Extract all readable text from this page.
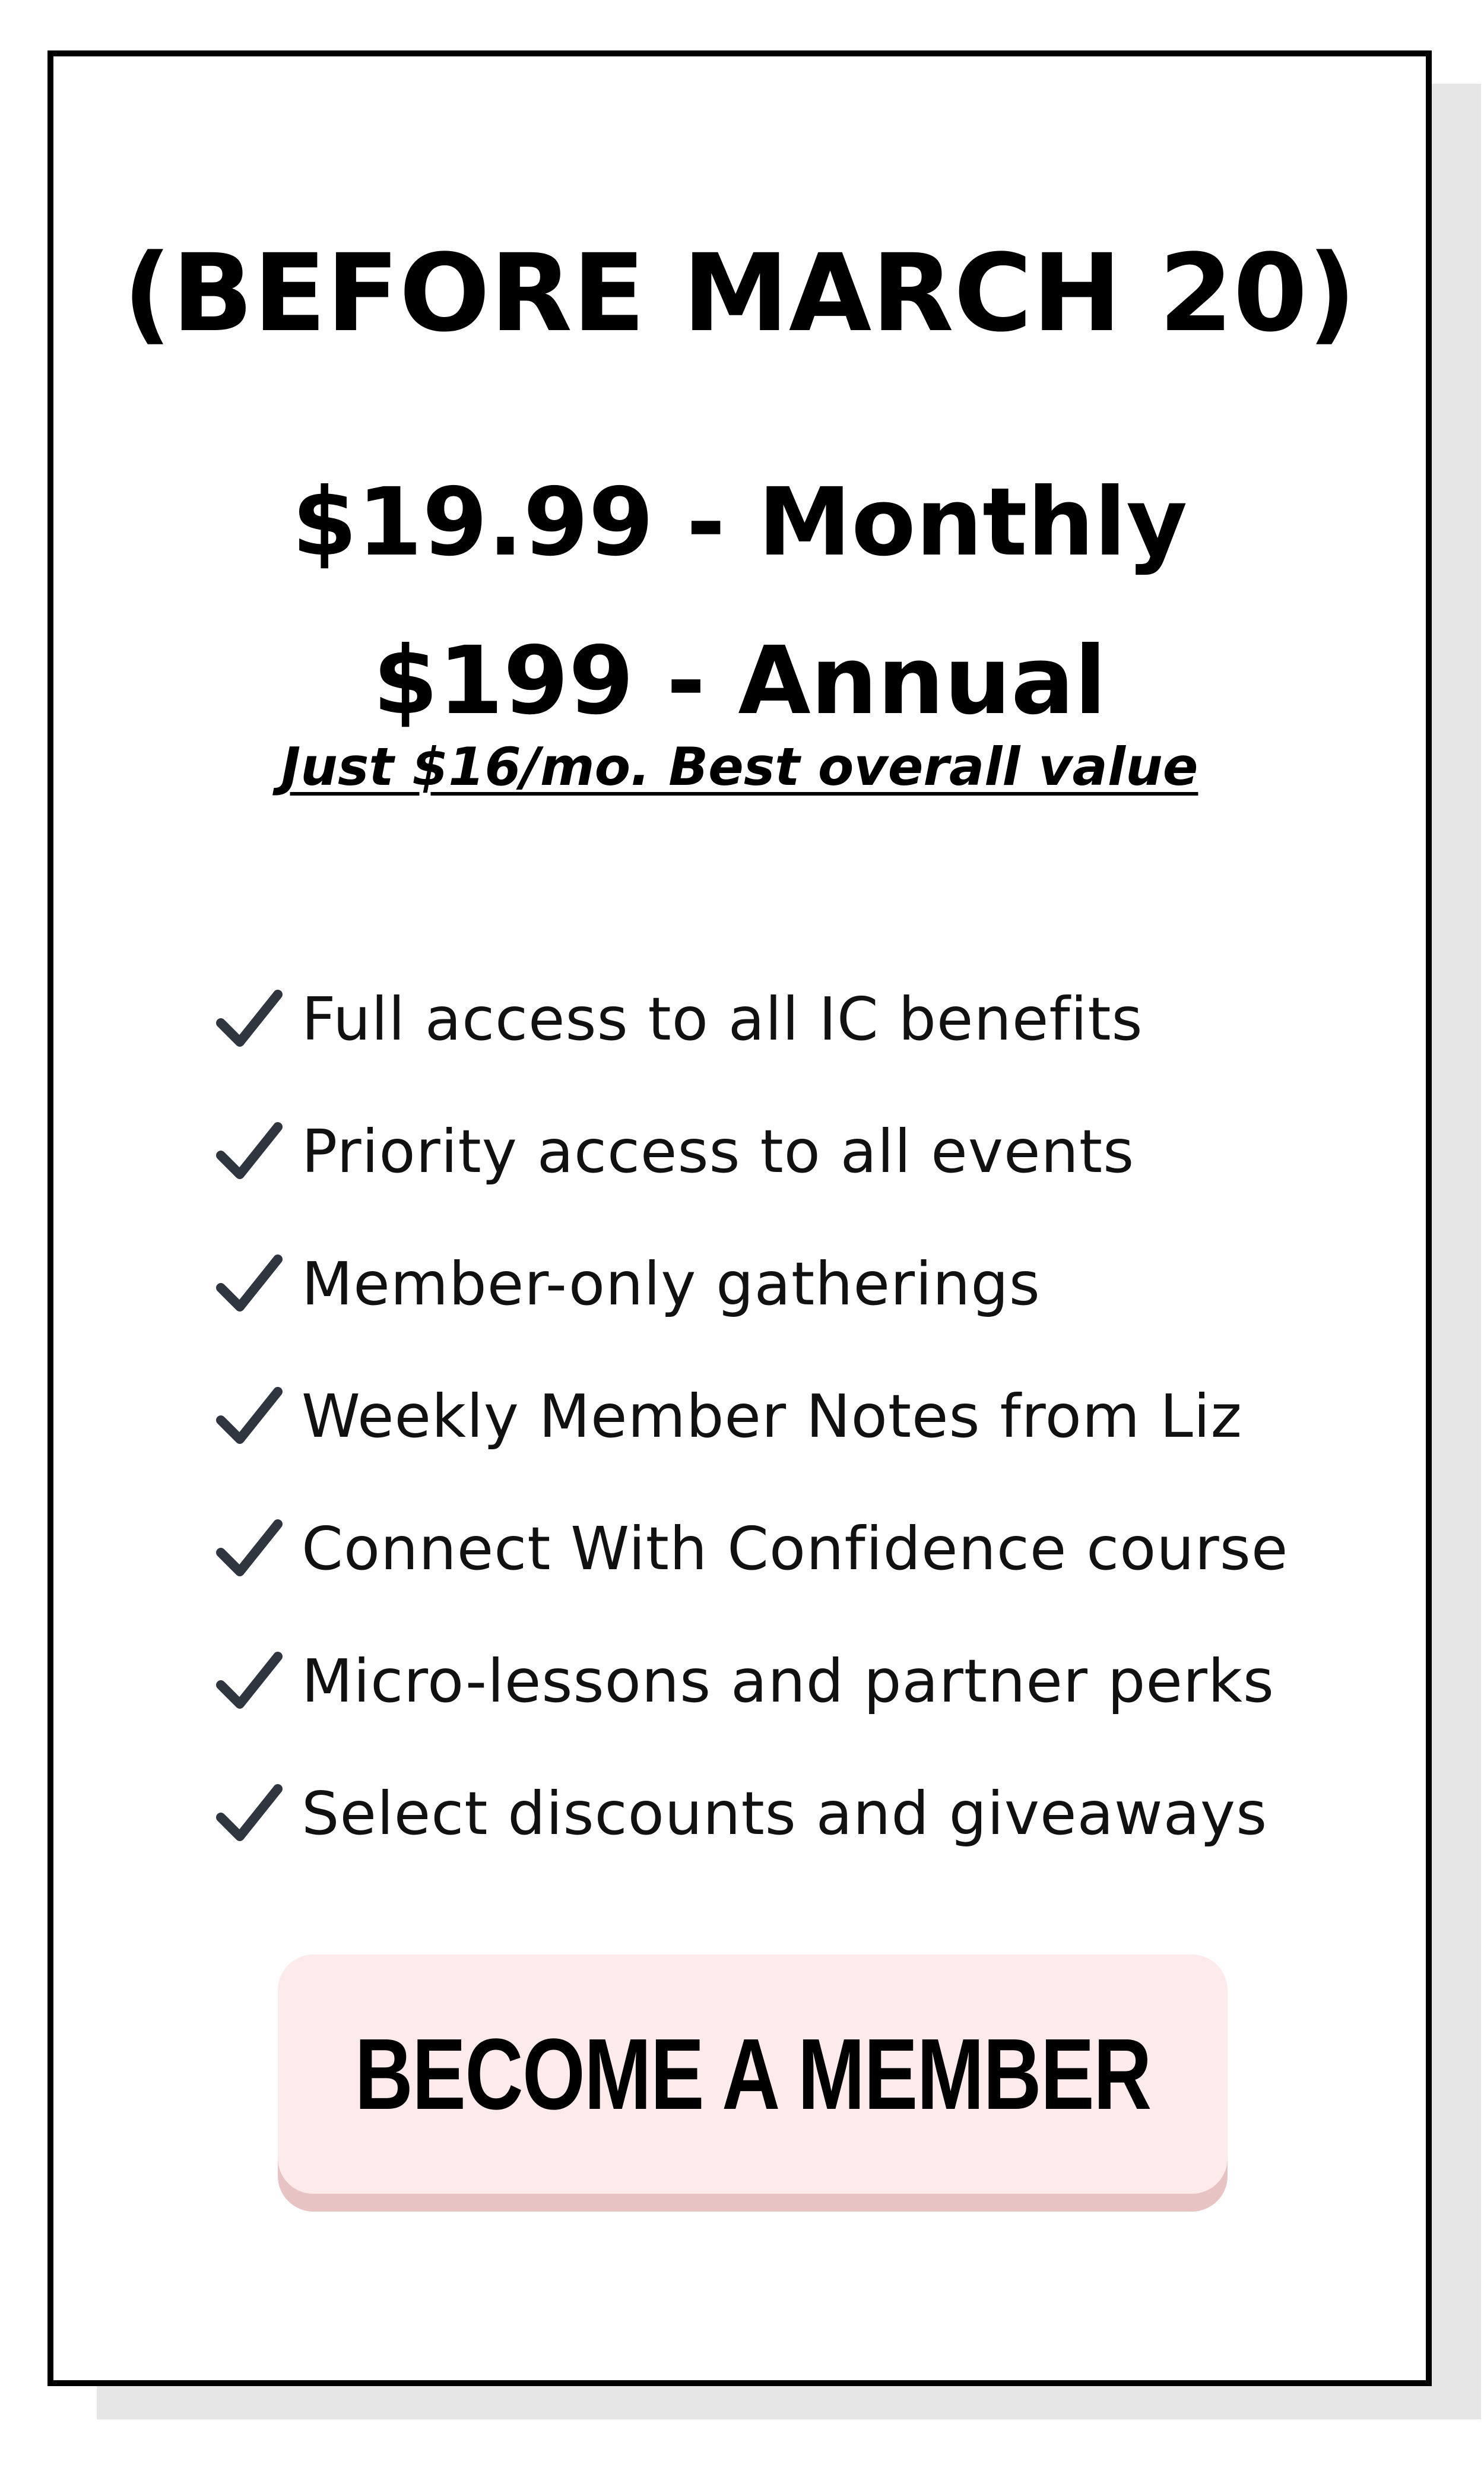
(BEFORE MARCH 20)
$19.99 - Monthly
$199 - Annual
Just $16/mo. Best overall value
Full access to all IC benefits
Priority access to all events
Member-only gatherings
Weekly Member Notes from Liz
Connect With Confidence course
Micro-lessons and partner perks
Select discounts and giveaways
BECOME A MEMBER
